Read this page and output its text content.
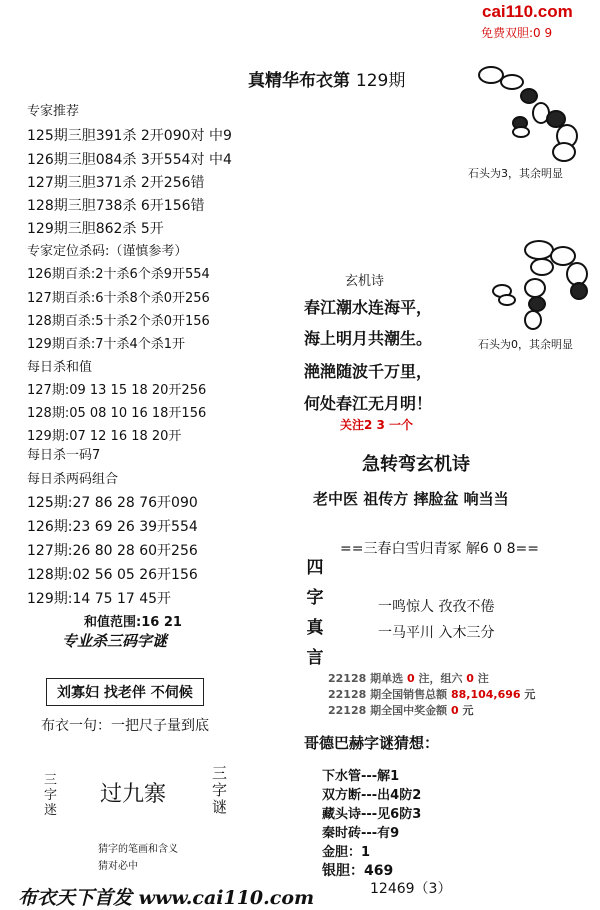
cai110.com
免费双胆:0 9
真精华布衣第 129期
专家推荐
125期三胆391杀 2开090对 中9
126期三胆084杀 3开554对 中4
127期三胆371杀 2开256错
128期三胆738杀 6开156错
129期三胆862杀 5开
专家定位杀码:（谨慎参考）
126期百杀:2十杀6个杀9开554
127期百杀:6十杀8个杀0开256
128期百杀:5十杀2个杀0开156
129期百杀:7十杀4个杀1开
每日杀和值
127期:09 13 15 18 20开256
128期:05 08 10 16 18开156
129期:07 12 16 18 20开
每日杀一码7
每日杀两码组合
125期:27 86 28 76开090
126期:23 69 26 39开554
127期:26 80 28 60开256
128期:02 56 05 26开156
129期:14 75 17 45开
和值范围:16 21
专业杀三码字谜
刘寡妇 找老伴 不伺候
布衣一句：一把尺子量到底
三
字
迷
过九寨
三
字
谜
猜字的笔画和含义
猜对必中
布衣天下首发 www.cai110.com
石头为3，其余明显
石头为0，其余明显
玄机诗
春江潮水连海平，
海上明月共潮生。
滟滟随波千万里，
何处春江无月明！
关注2 3 一个
急转弯玄机诗
老中医 祖传方 摔脸盆 响当当
==三春白雪归青冢 解6 0 8==
四
字
真
言
一鸣惊人 孜孜不倦
一马平川 入木三分
22128 期单选 0 注，组六 0 注
22128 期全国销售总额 88,104,696 元
22128 期全国中奖金额 0 元
哥德巴赫字谜猜想：
下水管---解1
双方断---出4防2
藏头诗---见6防3
秦时砖---有9
金胆：1
银胆：469
12469（3）
